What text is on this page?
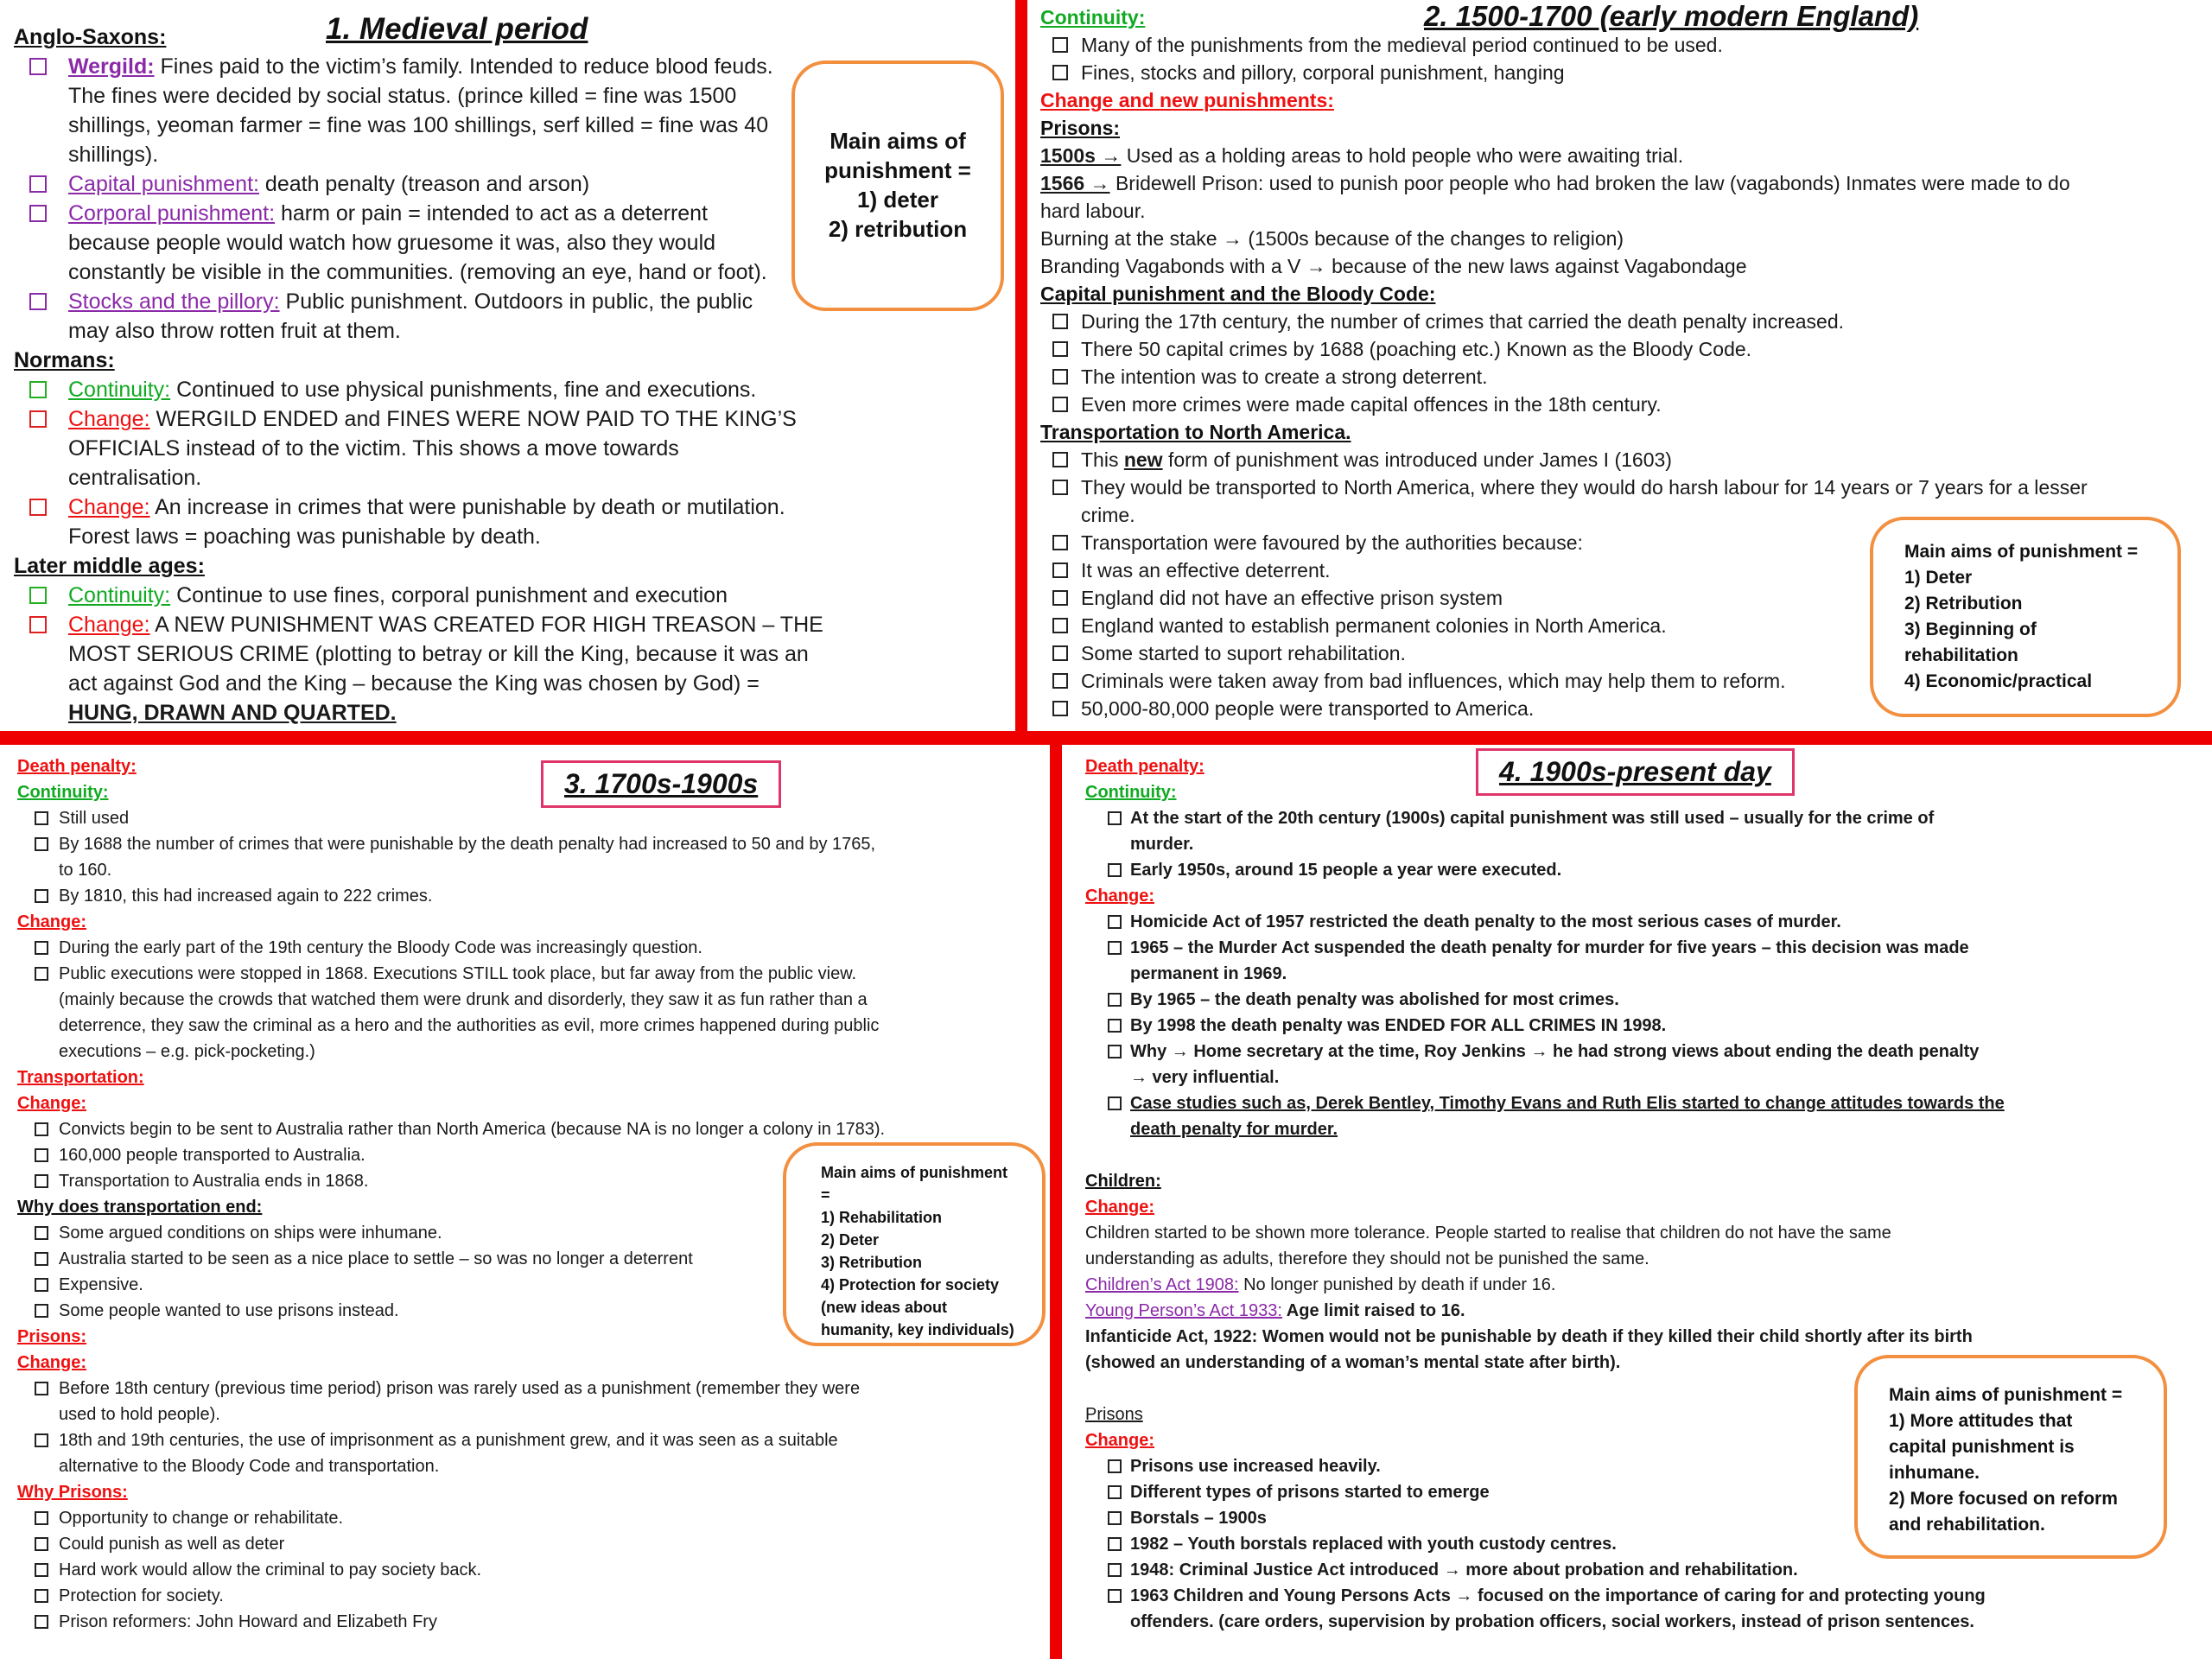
1. Medieval period
Anglo-Saxons:
Wergild: Fines paid to the victim’s family. Intended to reduce blood feuds.
The fines were decided by social status. (prince killed = fine was 1500
shillings, yeoman farmer = fine was 100 shillings, serf killed = fine was 40
shillings).
Capital punishment: death penalty (treason and arson)
Corporal punishment: harm or pain = intended to act as a deterrent
because people would watch how gruesome it was, also they would
constantly be visible in the communities. (removing an eye, hand or foot).
Stocks and the pillory: Public punishment. Outdoors in public, the public
may also throw rotten fruit at them.
Normans:
Continuity: Continued to use physical punishments, fine and executions.
Change: WERGILD ENDED and FINES WERE NOW PAID TO THE KING’S
OFFICIALS instead of to the victim. This shows a move towards
centralisation.
Change: An increase in crimes that were punishable by death or mutilation.
Forest laws = poaching was punishable by death.
Later middle ages:
Continuity: Continue to use fines, corporal punishment and execution
Change: A NEW PUNISHMENT WAS CREATED FOR HIGH TREASON – THE
MOST SERIOUS CRIME (plotting to betray or kill the King, because it was an
act against God and the King – because the King was chosen by God) =
HUNG, DRAWN AND QUARTED.
Main aims of
punishment =
1) deter
2) retribution
2. 1500-1700 (early modern England)
Continuity:
Many of the punishments from the medieval period continued to be used.
Fines, stocks and pillory, corporal punishment, hanging
Change and new punishments:
Prisons:
1500s → Used as a holding areas to hold people who were awaiting trial.
1566 → Bridewell Prison: used to punish poor people who had broken the law (vagabonds) Inmates were made to do
hard labour.
Burning at the stake → (1500s because of the changes to religion)
Branding Vagabonds with a V → because of the new laws against Vagabondage
Capital punishment and the Bloody Code:
During the 17th century, the number of crimes that carried the death penalty increased.
There 50 capital crimes by 1688 (poaching etc.) Known as the Bloody Code.
The intention was to create a strong deterrent.
Even more crimes were made capital offences in the 18th century.
Transportation to North America.
This new form of punishment was introduced under James I (1603)
They would be transported to North America, where they would do harsh labour for 14 years or 7 years for a lesser
crime.
Transportation were favoured by the authorities because:
It was an effective deterrent.
England did not have an effective prison system
England wanted to establish permanent colonies in North America.
Some started to suport rehabilitation.
Criminals were taken away from bad influences, which may help them to reform.
50,000-80,000 people were transported to America.
Main aims of punishment =
1) Deter
2) Retribution
3) Beginning of
rehabilitation
4) Economic/practical
3. 1700s-1900s
Death penalty:
Continuity:
Still used
By 1688 the number of crimes that were punishable by the death penalty had increased to 50 and by 1765,
to 160.
By 1810, this had increased again to 222 crimes.
Change:
During the early part of the 19th century the Bloody Code was increasingly question.
Public executions were stopped in 1868. Executions STILL took place, but far away from the public view.
(mainly because the crowds that watched them were drunk and disorderly, they saw it as fun rather than a
deterrence, they saw the criminal as a hero and the authorities as evil, more crimes happened during public
executions – e.g. pick-pocketing.)
Transportation:
Change:
Convicts begin to be sent to Australia rather than North America (because NA is no longer a colony in 1783).
160,000 people transported to Australia.
Transportation to Australia ends in 1868.
Why does transportation end:
Some argued conditions on ships were inhumane.
Australia started to be seen as a nice place to settle – so was no longer a deterrent
Expensive.
Some people wanted to use prisons instead.
Prisons:
Change:
Before 18th century (previous time period) prison was rarely used as a punishment (remember they were
used to hold people).
18th and 19th centuries, the use of imprisonment as a punishment grew, and it was seen as a suitable
alternative to the Bloody Code and transportation.
Why Prisons:
Opportunity to change or rehabilitate.
Could punish as well as deter
Hard work would allow the criminal to pay society back.
Protection for society.
Prison reformers: John Howard and Elizabeth Fry
Main aims of punishment
=
1) Rehabilitation
2) Deter
3) Retribution
4) Protection for society
(new ideas about
humanity, key individuals)
4. 1900s-present day
Death penalty:
Continuity:
At the start of the 20th century (1900s) capital punishment was still used – usually for the crime of
murder.
Early 1950s, around 15 people a year were executed.
Change:
Homicide Act of 1957 restricted the death penalty to the most serious cases of murder.
1965 – the Murder Act suspended the death penalty for murder for five years – this decision was made
permanent in 1969.
By 1965 – the death penalty was abolished for most crimes.
By 1998 the death penalty was ENDED FOR ALL CRIMES IN 1998.
Why → Home secretary at the time, Roy Jenkins → he had strong views about ending the death penalty
→ very influential.
Case studies such as, Derek Bentley, Timothy Evans and Ruth Elis started to change attitudes towards the
death penalty for murder.

Children:
Change:
Children started to be shown more tolerance. People started to realise that children do not have the same
understanding as adults, therefore they should not be punished the same.
Children’s Act 1908: No longer punished by death if under 16.
Young Person’s Act 1933: Age limit raised to 16.
Infanticide Act, 1922: Women would not be punishable by death if they killed their child shortly after its birth
(showed an understanding of a woman’s mental state after birth).

Prisons
Change:
Prisons use increased heavily.
Different types of prisons started to emerge
Borstals – 1900s
1982 – Youth borstals replaced with youth custody centres.
1948: Criminal Justice Act introduced → more about probation and rehabilitation.
1963 Children and Young Persons Acts → focused on the importance of caring for and protecting young
offenders. (care orders, supervision by probation officers, social workers, instead of prison sentences.
Main aims of punishment =
1) More attitudes that
capital punishment is
inhumane.
2) More focused on reform
and rehabilitation.
